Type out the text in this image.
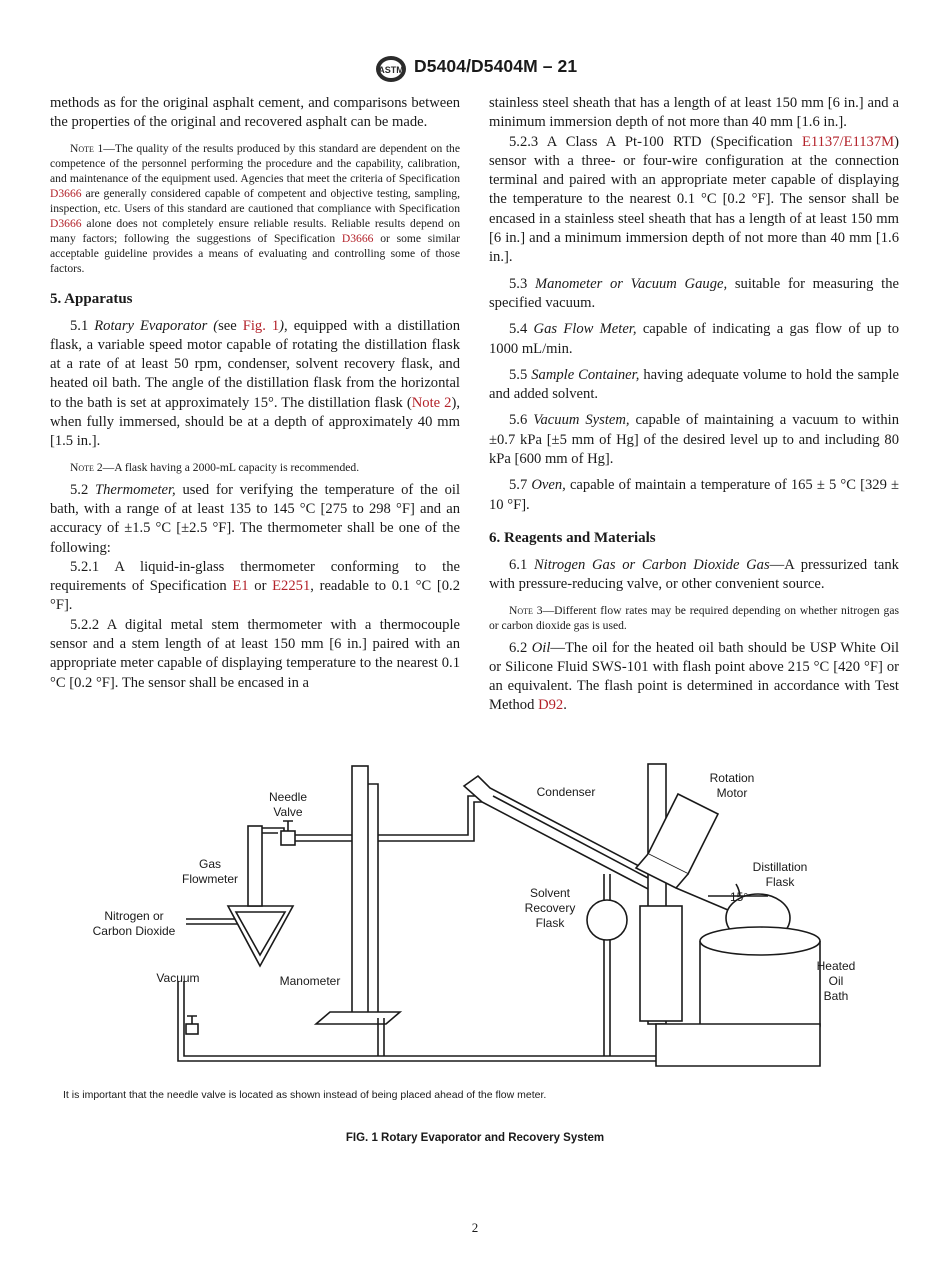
ASTM D5404/D5404M – 21

methods as for the original asphalt cement, and comparisons between the properties of the original and recovered asphalt can be made.

Note 1—The quality of the results produced by this standard are dependent on the competence of the personnel performing the procedure and the capability, calibration, and maintenance of the equipment used. Agencies that meet the criteria of Specification D3666 are generally considered capable of competent and objective testing, sampling, inspection, etc. Users of this standard are cautioned that compliance with Specification D3666 alone does not completely ensure reliable results. Reliable results depend on many factors; following the suggestions of Specification D3666 or some similar acceptable guideline provides a means of evaluating and controlling some of those factors.

5. Apparatus

5.1 Rotary Evaporator (see Fig. 1), equipped with a distillation flask, a variable speed motor capable of rotating the distillation flask at a rate of at least 50 rpm, condenser, solvent recovery flask, and heated oil bath. The angle of the distillation flask from the horizontal to the bath is set at approximately 15°. The distillation flask (Note 2), when fully immersed, should be at a depth of approximately 40 mm [1.5 in.].

Note 2—A flask having a 2000-mL capacity is recommended.

5.2 Thermometer, used for verifying the temperature of the oil bath, with a range of at least 135 to 145 °C [275 to 298 °F] and an accuracy of ±1.5 °C [±2.5 °F]. The thermometer shall be one of the following:

5.2.1 A liquid-in-glass thermometer conforming to the requirements of Specification E1 or E2251, readable to 0.1 °C [0.2 °F].

5.2.2 A digital metal stem thermometer with a thermocouple sensor and a stem length of at least 150 mm [6 in.] paired with an appropriate meter capable of displaying temperature to the nearest 0.1 °C [0.2 °F]. The sensor shall be encased in a

stainless steel sheath that has a length of at least 150 mm [6 in.] and a minimum immersion depth of not more than 40 mm [1.6 in.].

5.2.3 A Class A Pt-100 RTD (Specification E1137/E1137M) sensor with a three- or four-wire configuration at the connection terminal and paired with an appropriate meter capable of displaying the temperature to the nearest 0.1 °C [0.2 °F]. The sensor shall be encased in a stainless steel sheath that has a length of at least 150 mm [6 in.] and a minimum immersion depth of not more than 40 mm [1.6 in.].

5.3 Manometer or Vacuum Gauge, suitable for measuring the specified vacuum.

5.4 Gas Flow Meter, capable of indicating a gas flow of up to 1000 mL/min.

5.5 Sample Container, having adequate volume to hold the sample and added solvent.

5.6 Vacuum System, capable of maintaining a vacuum to within ±0.7 kPa [±5 mm of Hg] of the desired level up to and including 80 kPa [600 mm of Hg].

5.7 Oven, capable of maintain a temperature of 165 ± 5 °C [329 ± 10 °F].

6. Reagents and Materials

6.1 Nitrogen Gas or Carbon Dioxide Gas—A pressurized tank with pressure-reducing valve, or other convenient source.

Note 3—Different flow rates may be required depending on whether nitrogen gas or carbon dioxide gas is used.

6.2 Oil—The oil for the heated oil bath should be USP White Oil or Silicone Fluid SWS-101 with flash point above 215 °C [420 °F] or an equivalent. The flash point is determined in accordance with Test Method D92.

Needle
Valve
Condenser
Rotation
Motor
Gas
Flowmeter
Distillation
Flask
15°
Solvent
Recovery
Flask
Nitrogen or
Carbon Dioxide
Vacuum	Manometer
Heated
Oil
Bath
It is important that the needle valve is located as shown instead of being placed ahead of the flow meter.
FIG. 1 Rotary Evaporator and Recovery System
2
